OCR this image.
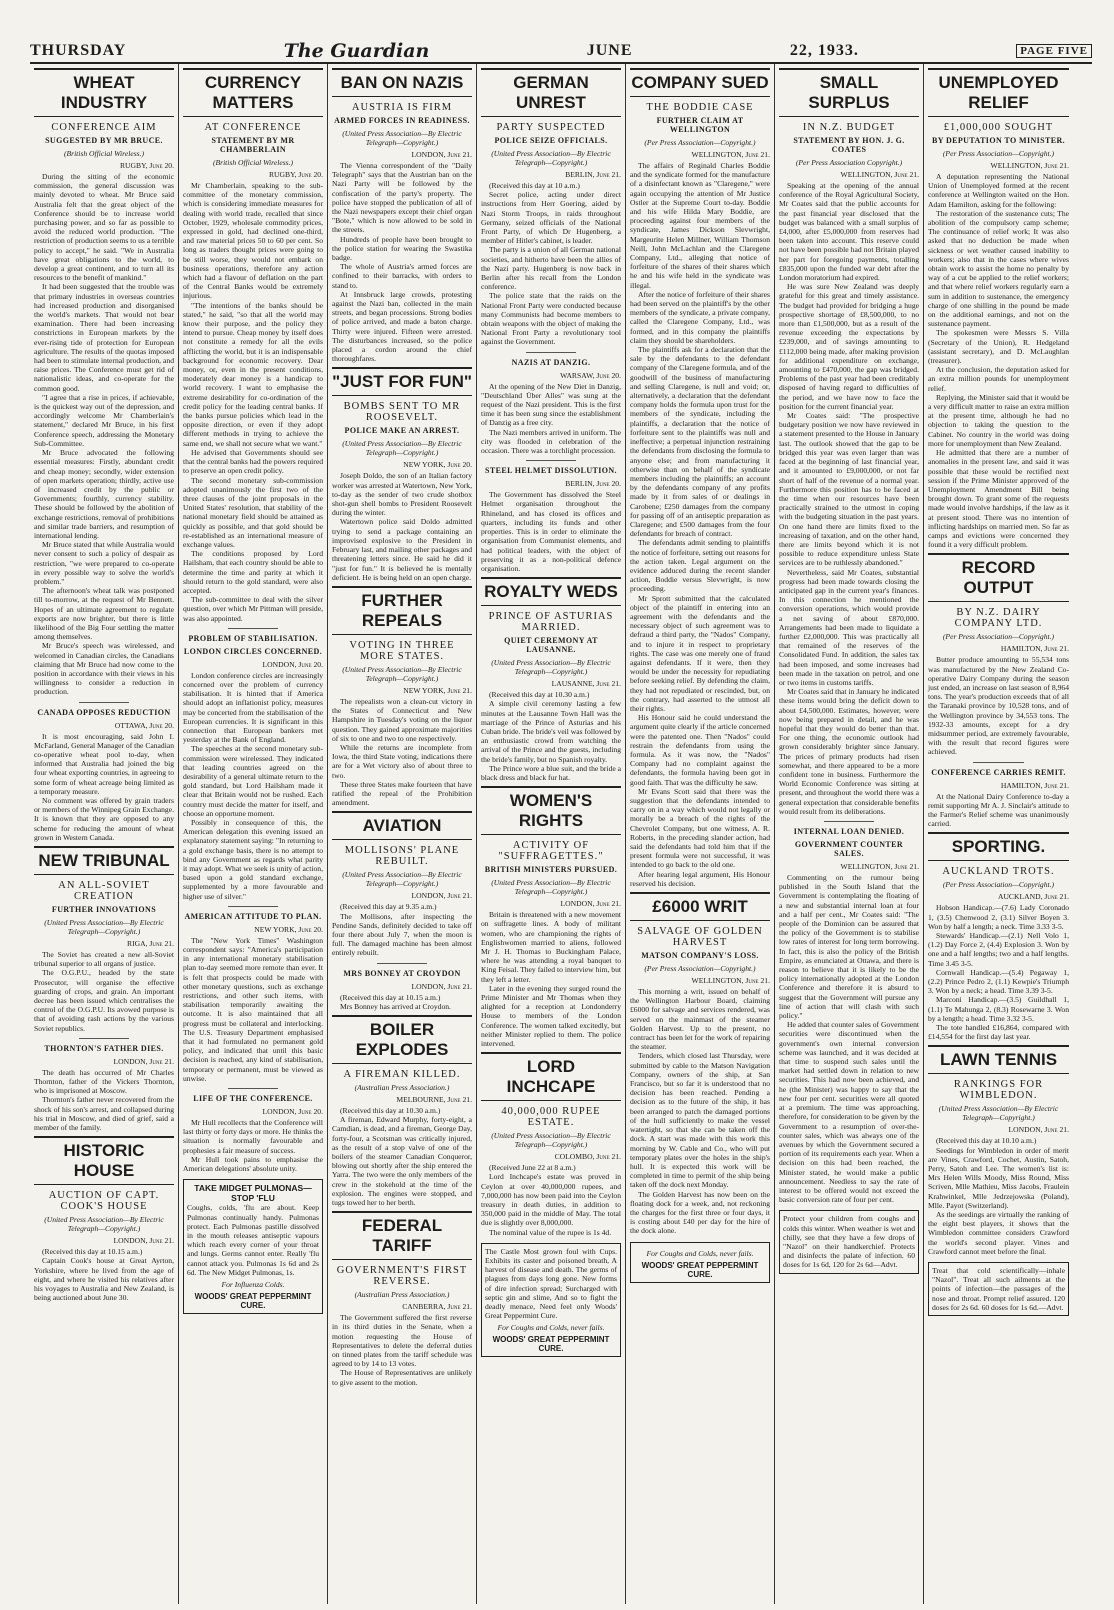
THURSDAY	The Guardian	JUNE	22, 1933.	PAGE FIVE
WHEAT INDUSTRY
CONFERENCE AIM
SUGGESTED BY MR BRUCE.
(British Official Wireless.)
RUGBY, June 20.

During the sitting of the economic commission, the general discussion was mainly devoted to wheat. Mr Bruce said Australia felt that the great object of the Conference should be to increase world purchasing power, and so far as possible to avoid the reduced world production. "The restriction of production seems to us a terrible policy to accept," he said. "We in Australia have great obligations to the world, to develop a great continent, and to turn all its resources to the benefit of mankind."

It had been suggested that the trouble was that primary industries in overseas countries had increased production and disorganised the world's markets. That would not bear examination. There had been increasing constrictions in European markets by the ever-rising tide of protection for European agriculture. The results of the quotas imposed had been to stimulate internal production, and raise prices. The Conference must get rid of nationalistic ideas, and co-operate for the common good.

"I agree that a rise in prices, if achievable, is the quickest way out of the depression, and accordingly welcome Mr Chamberlain's statement," declared Mr Bruce, in his first Conference speech, addressing the Monetary Sub-Committee.

Mr Bruce advocated the following essential measures: Firstly, abundant credit and cheap money; secondly, wider extension of open markets operation; thirdly, active use of increased credit by the public or Governments; fourthly, currency stability. These should be followed by the abolition of exchange restrictions, removal of prohibitions and similar trade barriers, and resumption of international lending.

Mr Bruce stated that while Australia would never consent to such a policy of despair as restriction, "we were prepared to co-operate in every possible way to solve the world's problem."

The afternoon's wheat talk was postponed till to-morrow, at the request of Mr Bennett. Hopes of an ultimate agreement to regulate exports are now brighter, but there is little likelihood of the Big Four settling the matter among themselves.

Mr Bruce's speech was wirelessed, and welcomed in Canadian circles, the Canadians claiming that Mr Bruce had now come to the position in accordance with their views in his willingness to consider a reduction in production.

CANADA OPPOSES REDUCTION
OTTAWA, June 20.

It is most encouraging, said John I. McFarland, General Manager of the Canadian co-operative wheat pool to-day, when informed that Australia had joined the big four wheat exporting countries, in agreeing to some form of wheat acreage being limited as a temporary measure.

No comment was offered by grain traders or members of the Winnipeg Grain Exchange. It is known that they are opposed to any scheme for reducing the amount of wheat grown in Western Canada.

NEW TRIBUNAL
AN ALL-SOVIET CREATION
FURTHER INNOVATIONS
(United Press Association—By Electric Telegraph—Copyright.)
RIGA, June 21.

The Soviet has created a new all-Soviet tribunal superior to all organs of justice.

The O.G.P.U., headed by the state Prosecutor, will organise the effective guarding of crops, and grain. An important decree has been issued which centralises the control of the O.G.P.U. Its avowed purpose is that of avoiding rash actions by the various Soviet republics.

THORNTON'S FATHER DIES.
LONDON, June 21.

The death has occurred of Mr Charles Thornton, father of the Vickers Thornton, who is imprisoned at Moscow.

Thornton's father never recovered from the shock of his son's arrest, and collapsed during his trial in Moscow, and died of grief, said a member of the family.

HISTORIC HOUSE
AUCTION OF CAPT. COOK'S HOUSE
(United Press Association—By Electric Telegraph—Copyright.)
LONDON, June 21.

(Received this day at 10.15 a.m.)

Captain Cook's house at Great Ayrton, Yorkshire, where he lived from the age of eight, and where he visited his relatives after his voyages to Australia and New Zealand, is being auctioned about June 30.

CURRENCY MATTERS
AT CONFERENCE
STATEMENT BY MR CHAMBERLAIN
(British Official Wireless.)
RUGBY, June 20.

Mr Chamberlain, speaking to the sub-committee of the monetary commission, which is considering immediate measures for dealing with world trade, recalled that since October, 1929, wholesale commodity prices, expressed in gold, had declined one-third, and raw material prices 50 to 60 per cent. So long as traders thought prices were going to be still worse, they would not embark on business operations, therefore any action which had a flavour of deflation on the part of the Central Banks would be extremely injurious.

"The intentions of the banks should be stated," he said, "so that all the world may know their purpose, and the policy they intend to pursue. Cheap money by itself does not constitute a remedy for all the evils afflicting the world, but it is an indispensable background for economic recovery. Dear money, or, even in the present conditions, moderately dear money is a handicap to world recovery. I want to emphasise the extreme desirability for co-ordination of the credit policy for the leading central banks. If the banks pursue policies which lead in the opposite direction, or even if they adopt different methods in trying to achieve the same end, we shall not secure what we want."

He advised that Governments should see that the central banks had the powers required to preserve an open credit policy.

The second monetary sub-commission adopted unanimously the first two of the three clauses of the joint proposals in the United States' resolution, that stability of the national monetary field should be attained as quickly as possible, and that gold should be re-established as an international measure of exchange values.

The conditions proposed by Lord Hailsham, that each country should be able to determine the time and parity at which it should return to the gold standard, were also accepted.

The sub-committee to deal with the silver question, over which Mr Pittman will preside, was also appointed.

PROBLEM OF STABILISATION.
LONDON CIRCLES CONCERNED.
LONDON, June 20.

London conference circles are increasingly concerned over the problem of currency stabilisation. It is hinted that if America should adopt an inflationist policy, measures may be concerted from the stabilisation of the European currencies. It is significant in this connection that European bankers met yesterday at the Bank of England.

The speeches at the second monetary sub-commission were wirelessed. They indicated that leading countries agreed on the desirability of a general ultimate return to the gold standard, but Lord Hailsham made it clear that Britain would not be rushed. Each country must decide the matter for itself, and choose an opportune moment.

Possibly in consequence of this, the American delegation this evening issued an explanatory statement saying: "In returning to a gold exchange basis, there is no attempt to bind any Government as regards what parity it may adopt. What we seek is unity of action, based upon a gold standard exchange, supplemented by a more favourable and higher use of silver."

AMERICAN ATTITUDE TO PLAN.
NEW YORK, June 20.

The "New York Times" Washington correspondent says: "America's participation in any international monetary stabilisation plan to-day seemed more remote than ever. It is felt that prospects could be made with other monetary questions, such as exchange restrictions, and other such items, with stabilisation temporarily awaiting the outcome. It is also maintained that all progress must be collateral and interlocking. The U.S. Treasury Department emphasised that it had formulated no permanent gold policy, and indicated that until this basic decision is reached, any kind of stabilisation, temporary or permanent, must be viewed as unwise.

LIFE OF THE CONFERENCE.
LONDON, June 20.

Mr Hull recollects that the Conference will last thirty or forty days or more. He thinks the situation is normally favourable and prophesies a fair measure of success.

Mr Hull took pains to emphasise the American delegations' absolute unity.

TAKE MIDGET PULMONAS—STOP 'FLU
Coughs, colds, 'flu are about. Keep Pulmonas continually handy. Pulmonas protect. Each Pulmonas pastille dissolved in the mouth releases antiseptic vapours which reach every corner of your throat and lungs. Germs cannot enter. Really 'flu cannot attack you. Pulmonas 1s 6d and 2s 6d. The New Midget Pulmonas, 1s.
For Influenza Colds.
WOODS' GREAT PEPPERMINT CURE.
BAN ON NAZIS
AUSTRIA IS FIRM
ARMED FORCES IN READINESS.
(United Press Association—By Electric Telegraph—Copyright.)
LONDON, June 21.

The Vienna correspondent of the "Daily Telegraph" says that the Austrian ban on the Nazi Party will be followed by the confiscation of the party's property. The police have stopped the publication of all of the Nazi newspapers except their chief organ "Bote," which is now allowed to be sold in the streets.

Hundreds of people have been brought to the police station for wearing the Swastika badge.

The whole of Austria's armed forces are confined to their barracks, with orders to stand to.

At Innsbruck large crowds, protesting against the Nazi ban, collected in the main streets, and began processions. Strong bodies of police arrived, and made a baton charge. Thirty were injured. Fifteen were arrested. The disturbances increased, so the police placed a cordon around the chief thoroughfares.

"JUST FOR FUN"
BOMBS SENT TO MR ROOSEVELT.
POLICE MAKE AN ARREST.
(United Press Association—By Electric Telegraph—Copyright.)
NEW YORK, June 20.

Joseph Doldo, the son of an Italian factory worker was arrested at Watertown, New York, to-day as the sender of two crude shotbox shot-gun shell bombs to President Roosevelt during the winter.

Watertown police said Doldo admitted trying to send a package containing an improvised explosive to the President in February last, and mailing other packages and threatening letters since. He said he did it "just for fun." It is believed he is mentally deficient. He is being held on an open charge.

FURTHER REPEALS
VOTING IN THREE MORE STATES.
(United Press Association—By Electric Telegraph—Copyright.)
NEW YORK, June 21.

The repealists won a clean-cut victory in the States of Connecticut and New Hampshire in Tuesday's voting on the liquor question. They gained approximate majorities of six to one and two to one respectively.

While the returns are incomplete from Iowa, the third State voting, indications there are for a Wet victory also of about three to two.

These three States make fourteen that have ratified the repeal of the Prohibition amendment.

AVIATION
MOLLISONS' PLANE REBUILT.
(United Press Association—By Electric Telegraph—Copyright.)
LONDON, June 21.

(Received this day at 9.35 a.m.)

The Mollisons, after inspecting the Pendine Sands, definitely decided to take off four there about July 7, when the moon is full. The damaged machine has been almost entirely rebuilt.

MRS BONNEY AT CROYDON
LONDON, June 21.

(Received this day at 10.15 a.m.)

Mrs Bonney has arrived at Croydon.

BOILER EXPLODES
A FIREMAN KILLED.
(Australian Press Association.)
MELBOURNE, June 21.

(Received this day at 10.30 a.m.)

A fireman, Edward Murphy, forty-eight, a Camdian, is dead, and a fireman, George Day, forty-four, a Scotsman was critically injured, as the result of a stop valve of one of the boilers of the steamer Canadian Conqueror, blowing out shortly after the ship entered the Yarra. The two were the only members of the crew in the stokehold at the time of the explosion. The engines were stopped, and tugs towed her to her berth.

FEDERAL TARIFF
GOVERNMENT'S FIRST REVERSE.
(Australian Press Association.)
CANBERRA, June 21.

The Government suffered the first reverse in its third duties in the Senate, when a motion requesting the House of Representatives to delete the deferral duties on tinned plates from the tariff schedule was agreed to by 14 to 13 votes.

The House of Representatives are unlikely to give assent to the motion.

GERMAN UNREST
PARTY SUSPECTED
POLICE SEIZE OFFICIALS.
(United Press Association—By Electric Telegraph—Copyright.)
BERLIN, June 21.

(Received this day at 10 a.m.)

Secret police, acting under direct instructions from Herr Goering, aided by Nazi Storm Troops, in raids throughout Germany, seized officials of the National Front Party, of which Dr Hugenberg, a member of Hitler's cabinet, is leader.

The party is a union of all German national societies, and hitherto have been the allies of the Nazi party. Hugenberg is now back in Berlin after his recall from the London conference.

The police state that the raids on the National Front Party were conducted because many Communists had become members to obtain weapons with the object of making the National Front Party a revolutionary tool against the Government.

NAZIS AT DANZIG.
WARSAW, June 20.

At the opening of the New Diet in Danzig, "Deutschland Über Alles" was sung at the request of the Nazi president. This is the first time it has been sung since the establishment of Danzig as a free city.

The Nazi members arrived in uniform. The city was flooded in celebration of the occasion. There was a torchlight procession.

STEEL HELMET DISSOLUTION.
BERLIN, June 20.

The Government has dissolved the Steel Helmet organisation throughout the Rhineland, and has closed its offices and quarters, including its funds and other properties. This is in order to eliminate the organisation from Communist elements, and had political leaders, with the object of preserving it as a non-political defence organisation.

ROYALTY WEDS
PRINCE OF ASTURIAS MARRIED.
QUIET CEREMONY AT LAUSANNE.
(United Press Association—By Electric Telegraph—Copyright.)
LAUSANNE, June 21.

(Received this day at 10.30 a.m.)

A simple civil ceremony lasting a few minutes at the Lausanne Town Hall was the marriage of the Prince of Asturias and his Cuban bride. The bride's veil was followed by an enthusiastic crowd from watching the arrival of the Prince and the guests, including the bride's family, but no Spanish royalty.

The Prince wore a blue suit, and the bride a black dress and black fur hat.

WOMEN'S RIGHTS
ACTIVITY OF "SUFFRAGETTES."
BRITISH MINISTERS PURSUED.
(United Press Association—By Electric Telegraph—Copyright.)
LONDON, June 21.

Britain is threatened with a new movement on suffragette lines. A body of militant women, who are championing the rights of Englishwomen married to aliens, followed Mr J. H. Thomas to Buckingham Palace, where he was attending a royal banquet to King Feisal. They failed to interview him, but they left a letter.

Later in the evening they surged round the Prime Minister and Mr Thomas when they alighted for a reception at Londonderry House to members of the London Conference. The women talked excitedly, but neither Minister replied to them. The police intervened.

LORD INCHCAPE
40,000,000 RUPEE ESTATE.
(United Press Association—By Electric Telegraph—Copyright.)
COLOMBO, June 21.

(Received June 22 at 8 a.m.)

Lord Inchcape's estate was proved in Ceylon at over 40,000,000 rupees, and 7,000,000 has now been paid into the Ceylon treasury in death duties, in addition to 350,000 paid in the middle of May. The total due is slightly over 8,000,000.

The nominal value of the rupee is 1s 4d.

The Castle Most grown foul with Cups. Exhibits its caster and poisoned breath, A harvest of disease and death. The germs of plagues from days long gone. New forms of dire infection spread; Surcharged with septic gin and slime, And so to fight the deadly menace, Need feel only Woods' Great Peppermint Cure.
For Coughs and Colds, never fails.
WOODS' GREAT PEPPERMINT CURE.
COMPANY SUED
THE BODDIE CASE
FURTHER CLAIM AT WELLINGTON
(Per Press Association—Copyright.)
WELLINGTON, June 21.

The affairs of Reginald Charles Boddie and the syndicate formed for the manufacture of a disinfectant known as "Claregene," were again occupying the attention of Mr Justice Ostler at the Supreme Court to-day. Boddie and his wife Hilda Mary Boddie, are proceeding against four members of the syndicate, James Dickson Slevwright, Margeurite Helen Millner, William Thomson Neill, John McLachlan and the Claregene Company, Ltd., alleging that notice of forfeiture of the shares of their shares which he and his wife held in the syndicate was illegal.

After the notice of forfeiture of their shares had been served on the plaintiff's by the other members of the syndicate, a private company, called the Claregene Company, Ltd., was formed, and in this company the plaintiffs claim they should be shareholders.

The plaintiffs ask for a declaration that the sale by the defendants to the defendant company of the Claregene formula, and of the goodwill of the business of manufacturing and selling Claregene, is null and void; or, alternatively, a declaration that the defendant company holds the formula upon trust for the members of the syndicate, including the plaintiffs, a declaration that the notice of forfeiture sent to the plaintiffs was null and ineffective; a perpetual injunction restraining the defendants from disclosing the formula to anyone else; and from manufacturing it otherwise than on behalf of the syndicate members including the plaintiffs; an account by the defendants company of any profits made by it from sales of or dealings in Carobene; £250 damages from the company for passing off of an antiseptic preparation as Claregene; and £500 damages from the four defendants for breach of contract.

The defendants admit sending to plaintiffs the notice of forfeiture, setting out reasons for the action taken. Legal argument on the evidence adduced during the recent slander action, Boddie versus Slevwright, is now proceeding.

Mr Sprott submitted that the calculated object of the plaintiff in entering into an agreement with the defendants and the necessary object of such agreement was to defraud a third party, the "Nados" Company, and to injure it in respect to proprietary rights. The case was one merely one of fraud against defendants. If it were, then they would be under the necessity for repudiating before seeking relief. By defending the claim, they had not repudiated or rescinded, but, on the contrary, had asserted to the utmost all their rights.

His Honour said he could understand the argument quite clearly if the article concerned were the patented one. Then "Nados" could restrain the defendants from using the formula. As it was now, the "Nados" Company had no complaint against the defendants, the formula having been got in good faith. That was the difficulty he saw.

Mr Evans Scott said that there was the suggestion that the defendants intended to carry on in a way which would not legally or morally be a breach of the rights of the Chevrolet Company, but one witness, A. R. Roberts, in the preceding slander action, had said the defendants had told him that if the present formula were not successful, it was intended to go back to the old one.

After hearing legal argument, His Honour reserved his decision.

£6000 WRIT
SALVAGE OF GOLDEN HARVEST
MATSON COMPANY'S LOSS.
(Per Press Association—Copyright.)
WELLINGTON, June 21.

This morning a writ, issued on behalf of the Wellington Harbour Board, claiming £6000 for salvage and services rendered, was served on the mainmast of the steamer Golden Harvest. Up to the present, no contract has been let for the work of repairing the steamer.

Tenders, which closed last Thursday, were submitted by cable to the Matson Navigation Company, owners of the ship, at San Francisco, but so far it is understood that no decision has been reached. Pending a decision as to the future of the ship, it has been arranged to patch the damaged portions of the hull sufficiently to make the vessel watertight, so that she can be taken off the dock. A start was made with this work this morning by W. Cable and Co., who will put temporary plates over the holes in the ship's hull. It is expected this work will be completed in time to permit of the ship being taken off the dock next Monday.

The Golden Harvest has now been on the floating dock for a week, and, not reckoning the charges for the first three or four days, it is costing about £40 per day for the hire of the dock alone.

For Coughs and Colds, never fails.
WOODS' GREAT PEPPERMINT CURE.
SMALL SURPLUS
IN N.Z. BUDGET
STATEMENT BY HON. J. G. COATES
(Per Press Association Copyright.)
WELLINGTON, June 21.

Speaking at the opening of the annual conference of the Royal Agricultural Society, Mr Coates said that the public accounts for the past financial year disclosed that the budget was balanced with a small surplus of £4,000, after £5,000,000 from reserves had been taken into account. This reserve could not have been possible had not Britain played her part for foregoing payments, totalling £835,000 upon the funded war debt after the London moratorium had expired.

He was sure New Zealand was deeply grateful for this great and timely assistance. The budget had provided for bridging a huge prospective shortage of £8,500,000, to no more than £1,500,000, but as a result of the revenue exceeding the expectations by £239,000, and of savings amounting to £112,000 being made, after making provision for additional expenditure on exchange, amounting to £470,000, the gap was bridged. Problems of the past year had been creditably disposed of having regard to difficulties of the period, and we have now to face the position for the current financial year.

Mr Coates said: "The prospective budgetary position we now have reviewed in a statement presented to the House in January last. The outlook showed that the gap to be bridged this year was even larger than was faced at the beginning of last financial year, and it amounted to £9,000,000, or not far short of half of the revenue of a normal year. Furthermore this position has to be faced at the time when our resources have been practically strained to the utmost in coping with the budgeting situation in the past years. On one hand there are limits fixed to the increasing of taxation, and on the other hand, there are limits beyond which it is not possible to reduce expenditure unless State services are to be ruthlessly abandoned."

Nevertheless, said Mr Coates, substantial progress had been made towards closing the anticipated gap in the current year's finances. In this connection he mentioned the conversion operations, which would provide a net saving of about £870,000. Arrangements had been made to liquidate a further £2,000,000. This was practically all that remained of the reserves of the Consolidated Fund. In addition, the sales tax had been imposed, and some increases had been made in the taxation on petrol, and one or two items in customs tariffs.

Mr Coates said that in January he indicated these items would bring the deficit down to about £4,500,000. Estimates, however, were now being prepared in detail, and he was hopeful that they would do better than that. For one thing, the economic outlook had grown considerably brighter since January. The prices of primary products had risen somewhat, and there appeared to be a more confident tone in business. Furthermore the World Economic Conference was sitting at present, and throughout the world there was a general expectation that considerable benefits would result from its deliberations.

INTERNAL LOAN DENIED.
GOVERNMENT COUNTER SALES.
WELLINGTON, June 21.

Commenting on the rumour being published in the South Island that the Government is contemplating the floating of a new and substantial internal loan at four and a half per cent., Mr Coates said: "The people of the Dominion can be assured that the policy of the Government is to stabilise low rates of interest for long term borrowing. In fact, this is also the policy of the British Empire, as enunciated at Ottawa, and there is reason to believe that it is likely to be the policy internationally adopted at the London Conference and therefore it is absurd to suggest that the Government will pursue any line of action that will clash with such policy."

He added that counter sales of Government securities were discontinued when the government's own internal conversion scheme was launched, and it was decided at that time to suspend such sales until the market had settled down in relation to new securities. This had now been achieved, and he (the Minister) was happy to say that the new four per cent. securities were all quoted at a premium. The time was approaching, therefore, for consideration to be given by the Government to a resumption of over-the-counter sales, which was always one of the avenues by which the Government secured a portion of its requirements each year. When a decision on this had been reached, the Minister stated, he would make a public announcement. Needless to say the rate of interest to be offered would not exceed the basic conversion rate of four per cent.

Protect your children from coughs and colds this winter. When weather is wet and chilly, see that they have a few drops of "Nazol" on their handkerchief. Protects and disinfects the palate of infection. 60 doses for 1s 6d, 120 for 2s 6d—Advt.
UNEMPLOYED RELIEF
£1,000,000 SOUGHT
BY DEPUTATION TO MINISTER.
(Per Press Association—Copyright.)
WELLINGTON, June 21.

A deputation representing the National Union of Unemployed formed at the recent conference at Wellington waited on the Hon. Adam Hamilton, asking for the following:

The restoration of the sustenance cuts; The abolition of the compulsory camp scheme; The continuance of relief work; It was also asked that no deduction be made when sickness or wet weather caused inability to workers; also that in the cases where wives obtain work to assist the home no penalty by way of a cut be applied to the relief workers; and that where relief workers regularly earn a sum in addition to sustenance, the emergency charge of one shilling in the pound be made on the additional earnings, and not on the sustenance payment.

The spokesmen were Messrs S. Villa (Secretary of the Union), R. Hedgeland (assistant secretary), and D. McLaughlan (treasurer).

At the conclusion, the deputation asked for an extra million pounds for unemployment relief.

Replying, the Minister said that it would be a very difficult matter to raise an extra million at the present time, although he had no objection to taking the question to the Cabinet. No country in the world was doing more for unemployment than New Zealand.

He admitted that there are a number of anomalies in the present law, and said it was possible that these would be rectified next session if the Prime Minister approved of the Unemployment Amendment Bill being brought down. To grant some of the requests made would involve hardships, if the law as it at present stood. There was no intention of inflicting hardships on married men. So far as camps and evictions were concerned they found it a very difficult problem.

RECORD OUTPUT
BY N.Z. DAIRY COMPANY LTD.
(Per Press Association—Copyright.)
HAMILTON, June 21.

Butter produce amounting to 55,534 tons was manufactured by the New Zealand Co-operative Dairy Company during the season just ended, an increase on last season of 8,964 tons. The year's production exceeds that of all the Taranaki province by 10,528 tons, and of the Wellington province by 34,553 tons. The 1932-33 amounts, except for a dry midsummer period, are extremely favourable, with the result that record figures were achieved.

CONFERENCE CARRIES REMIT.
HAMILTON, June 21.

At the National Dairy Conference to-day a remit supporting Mr A. J. Sinclair's attitude to the Farmer's Relief scheme was unanimously carried.

SPORTING.
AUCKLAND TROTS.
(Per Press Association—Copyright.)
AUCKLAND, June 21.

Hobson Handicap.—(7.6) Lady Coronado 1, (3.5) Chenwood 2, (3.1) Silver Boyen 3. Won by half a length; a neck. Time 3.33 3-5.

Stewards' Handicap.—(2.1) Nell Volo 1, (1.2) Day Force 2, (4.4) Explosion 3. Won by one and a half lengths; two and a half lengths. Time 3.45 3-5.

Cornwall Handicap.—(5.4) Pegaway 1, (2.2) Prince Pedro 2, (1.1) Kewpie's Triumph 3. Won by a neck; a head. Time 3.39 3-5.

Marconi Handicap.—(3.5) Guildhall 1, (1.1) Te Mahunga 2, (8.3) Rosewarne 3. Won by a length; a head. Time 3.32 3-5.

The tote handled £16,864, compared with £14,554 for the first day last year.

LAWN TENNIS
RANKINGS FOR WIMBLEDON.
(United Press Association—By Electric Telegraph—Copyright.)
LONDON, June 21.

(Received this day at 10.10 a.m.)

Seedings for Wimbledon in order of merit are Vines, Crawford, Cochet, Austin, Satoh, Perry, Satoh and Lee. The women's list is: Mrs Helen Wills Moody, Miss Round, Miss Scriven, Mlle Mathieu, Miss Jacobs, Fraulein Krahwinkel, Mlle Jedrzejowska (Poland), Mlle. Payot (Switzerland).

As the seedings are virtually the ranking of the eight best players, it shows that the Wimbledon committee considers Crawford the world's second player. Vines and Crawford cannot meet before the final.

Treat that cold scientifically—inhale "Nazol". Treat all such ailments at the points of infection—the passages of the nose and throat. Prompt relief assured. 120 doses for 2s 6d. 60 doses for 1s 6d.—Advt.
